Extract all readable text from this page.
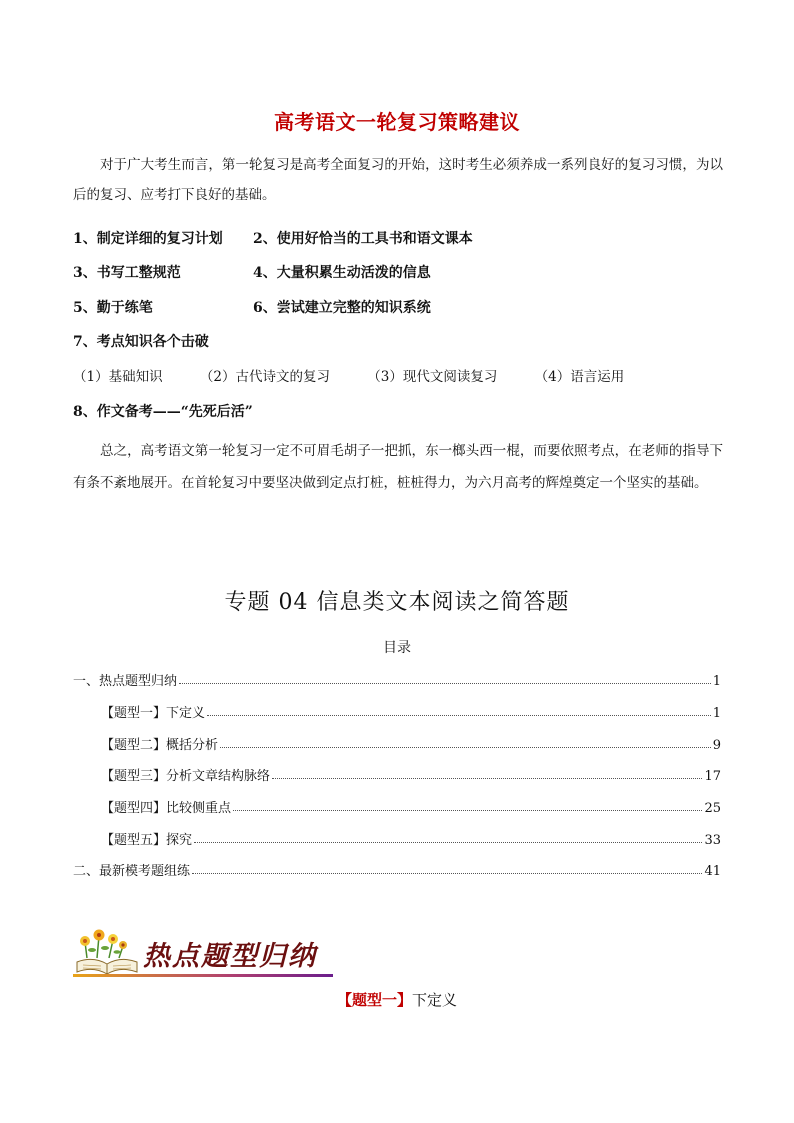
高考语文一轮复习策略建议
对于广大考生而言，第一轮复习是高考全面复习的开始，这时考生必须养成一系列良好的复习习惯，为以后的复习、应考打下良好的基础。
1、制定详细的复习计划 2、使用好恰当的工具书和语文课本
3、书写工整规范	4、大量积累生动活泼的信息
5、勤于练笔	6、尝试建立完整的知识系统
7、考点知识各个击破
（1）基础知识	（2）古代诗文的复习	（3）现代文阅读复习	（4）语言运用
8、作文备考——“先死后活”
总之，高考语文第一轮复习一定不可眉毛胡子一把抓，东一榔头西一棍，而要依照考点，在老师的指导下有条不紊地展开。在首轮复习中要坚决做到定点打桩，桩桩得力，为六月高考的辉煌奠定一个坚实的基础。
专题 04 信息类文本阅读之简答题
目录
一、热点题型归纳	1
【题型一】下定义	1
【题型二】概括分析	9
【题型三】分析文章结构脉络	17
【题型四】比较侧重点	25
【题型五】探究	33
二、最新模考题组练	41
热点题型归纳
【题型一】下定义
